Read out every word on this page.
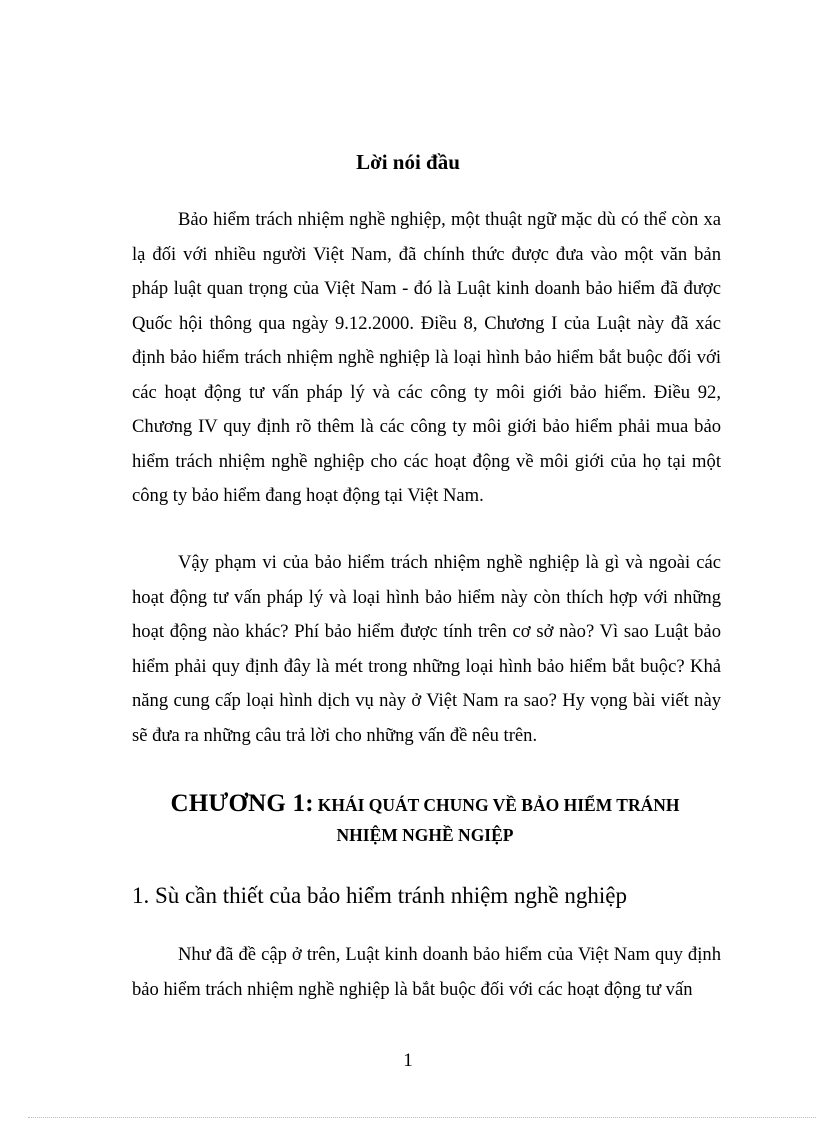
Lời nói đầu

Bảo hiểm trách nhiệm nghề nghiệp, một thuật ngữ mặc dù có thể còn xa lạ đối với nhiều người Việt Nam, đã chính thức được đưa vào một văn bản pháp luật quan trọng của Việt Nam - đó là Luật kinh doanh bảo hiểm đã được Quốc hội thông qua ngày 9.12.2000. Điều 8, Chương I của Luật này đã xác định bảo hiểm trách nhiệm nghề nghiệp là loại hình bảo hiểm bắt buộc đối với các hoạt động tư vấn pháp lý và các công ty môi giới bảo hiểm. Điều 92, Chương IV quy định rõ thêm là các công ty môi giới bảo hiểm phải mua bảo hiểm trách nhiệm nghề nghiệp cho các hoạt động về môi giới của họ tại một công ty bảo hiểm đang hoạt động tại Việt Nam.

Vậy phạm vi của bảo hiểm trách nhiệm nghề nghiệp là gì và ngoài các hoạt động tư vấn pháp lý và loại hình bảo hiểm này còn thích hợp với những hoạt động nào khác? Phí bảo hiểm được tính trên cơ sở nào? Vì sao Luật bảo hiểm phải quy định đây là mét trong những loại hình bảo hiểm bắt buộc? Khả năng cung cấp loại hình dịch vụ này ở Việt Nam ra sao? Hy vọng bài viết này sẽ đưa ra những câu trả lời cho những vấn đề nêu trên.

CHƯƠNG 1: KHÁI QUÁT CHUNG VỀ BẢO HIỂM TRÁNH
NHIỆM NGHỀ NGIỆP
1. Sù cần thiết của bảo hiểm tránh nhiệm nghề nghiệp

Như đã đề cập ở trên, Luật kinh doanh bảo hiểm của Việt Nam quy định bảo hiểm trách nhiệm nghề nghiệp là bắt buộc đối với các hoạt động tư vấn

1
